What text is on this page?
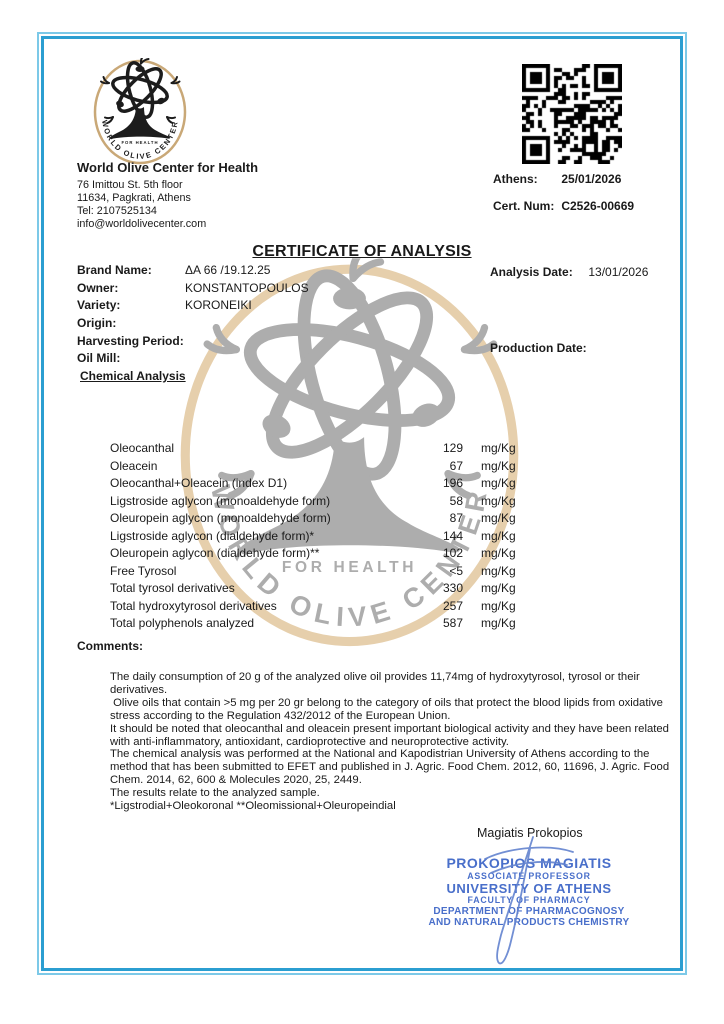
World Olive Center for Health

76 Imittou St. 5th floor

11634, Pagkrati, Athens

Tel: 2107525134

info@worldolivecenter.com

Athens: 25/01/2026
Cert. Num: C2526-00669
CERTIFICATE OF ANALYSIS
Brand Name:	ΔΑ 66 /19.12.25
Owner:	KONSTANTOPOULOS
Variety:	KORONEIKI
Origin:
Harvesting Period:
Oil Mill:
Analysis Date: 13/01/2026
Production Date:
Chemical Analysis
Oleocanthal	129 mg/Kg
Oleacein	67 mg/Kg
Oleocanthal+Oleacein (index D1)	196 mg/Kg
Ligstroside aglycon (monoaldehyde form)	58 mg/Kg
Oleuropein aglycon (monoaldehyde form)	87 mg/Kg
Ligstroside aglycon (dialdehyde form)*	144 mg/Kg
Oleuropein aglycon (dialdehyde form)**	102 mg/Kg
Free Tyrosol	<5 mg/Kg
Total tyrosol derivatives	330 mg/Kg
Total hydroxytyrosol derivatives	257 mg/Kg
Total polyphenols analyzed	587 mg/Kg
Comments:

The daily consumption of 20 g of the analyzed olive oil provides 11,74mg of hydroxytyrosol, tyrosol or their derivatives.

Olive oils that contain >5 mg per 20 gr belong to the category of oils that protect the blood lipids from oxidative stress according to the Regulation 432/2012 of the European Union.

It should be noted that oleocanthal and oleacein present important biological activity and they have been related with anti-inflammatory, antioxidant, cardioprotective and neuroprotective activity.

The chemical analysis was performed at the National and Kapodistrian University of Athens according to the method that has been submitted to EFET and published in J. Agric. Food Chem. 2012, 60, 11696, J. Agric. Food Chem. 2014, 62, 600 & Molecules 2020, 25, 2449.

The results relate to the analyzed sample.

*Ligstrodial+Oleokoronal **Oleomissional+Oleuropeindial

Magiatis Prokopios
PROKOPIOS MAGIATIS
ASSOCIATE PROFESSOR
UNIVERSITY OF ATHENS
FACULTY OF PHARMACY
DEPARTMENT OF PHARMACOGNOSY
AND NATURAL PRODUCTS CHEMISTRY
